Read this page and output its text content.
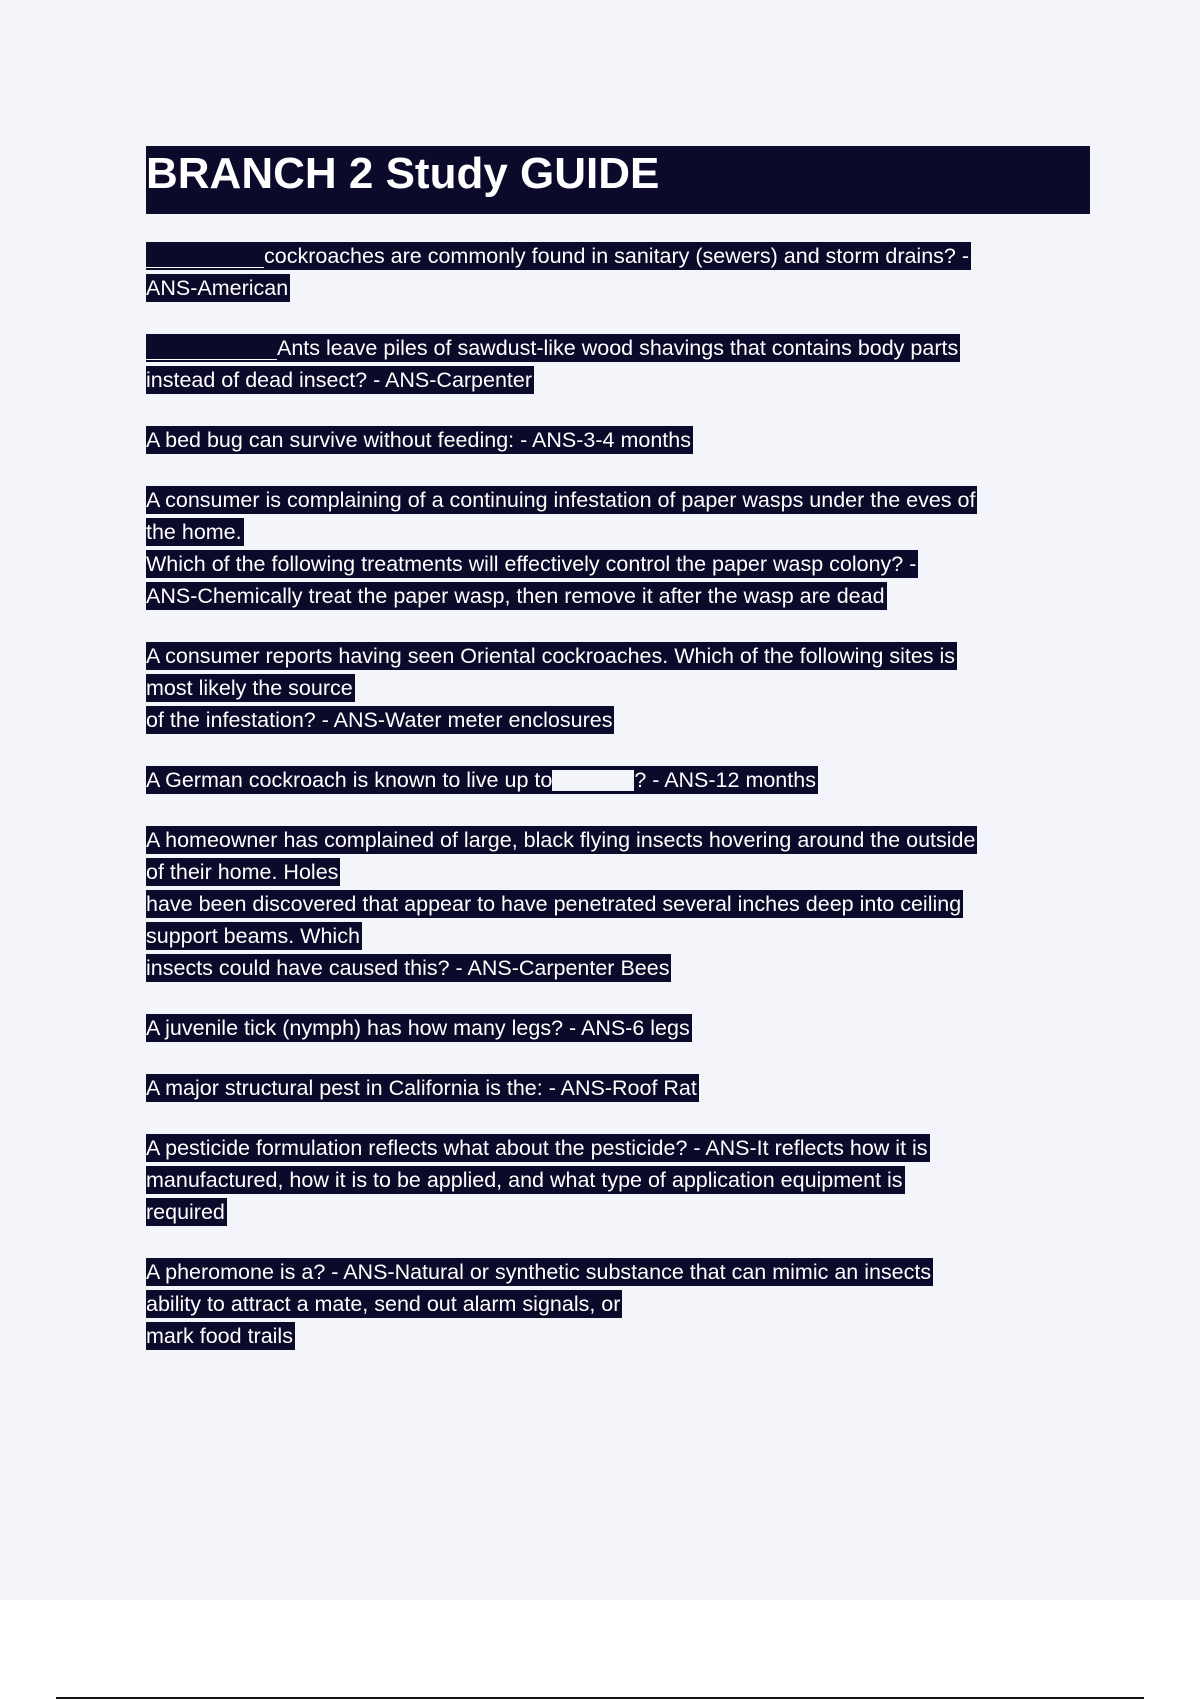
BRANCH 2 Study GUIDE
cockroaches are commonly found in sanitary (sewers) and storm drains? -
ANS-American
Ants leave piles of sawdust-like wood shavings that contains body parts
instead of dead insect? - ANS-Carpenter
A bed bug can survive without feeding: - ANS-3-4 months
A consumer is complaining of a continuing infestation of paper wasps under the eves of
the home.
Which of the following treatments will effectively control the paper wasp colony? -
ANS-Chemically treat the paper wasp, then remove it after the wasp are dead
A consumer reports having seen Oriental cockroaches. Which of the following sites is
most likely the source
of the infestation? - ANS-Water meter enclosures
A German cockroach is known to live up to	? - ANS-12 months
A homeowner has complained of large, black flying insects hovering around the outside
of their home. Holes
have been discovered that appear to have penetrated several inches deep into ceiling
support beams. Which
insects could have caused this? - ANS-Carpenter Bees
A juvenile tick (nymph) has how many legs? - ANS-6 legs
A major structural pest in California is the: - ANS-Roof Rat
A pesticide formulation reflects what about the pesticide? - ANS-It reflects how it is
manufactured, how it is to be applied, and what type of application equipment is
required
A pheromone is a? - ANS-Natural or synthetic substance that can mimic an insects
ability to attract a mate, send out alarm signals, or
mark food trails
